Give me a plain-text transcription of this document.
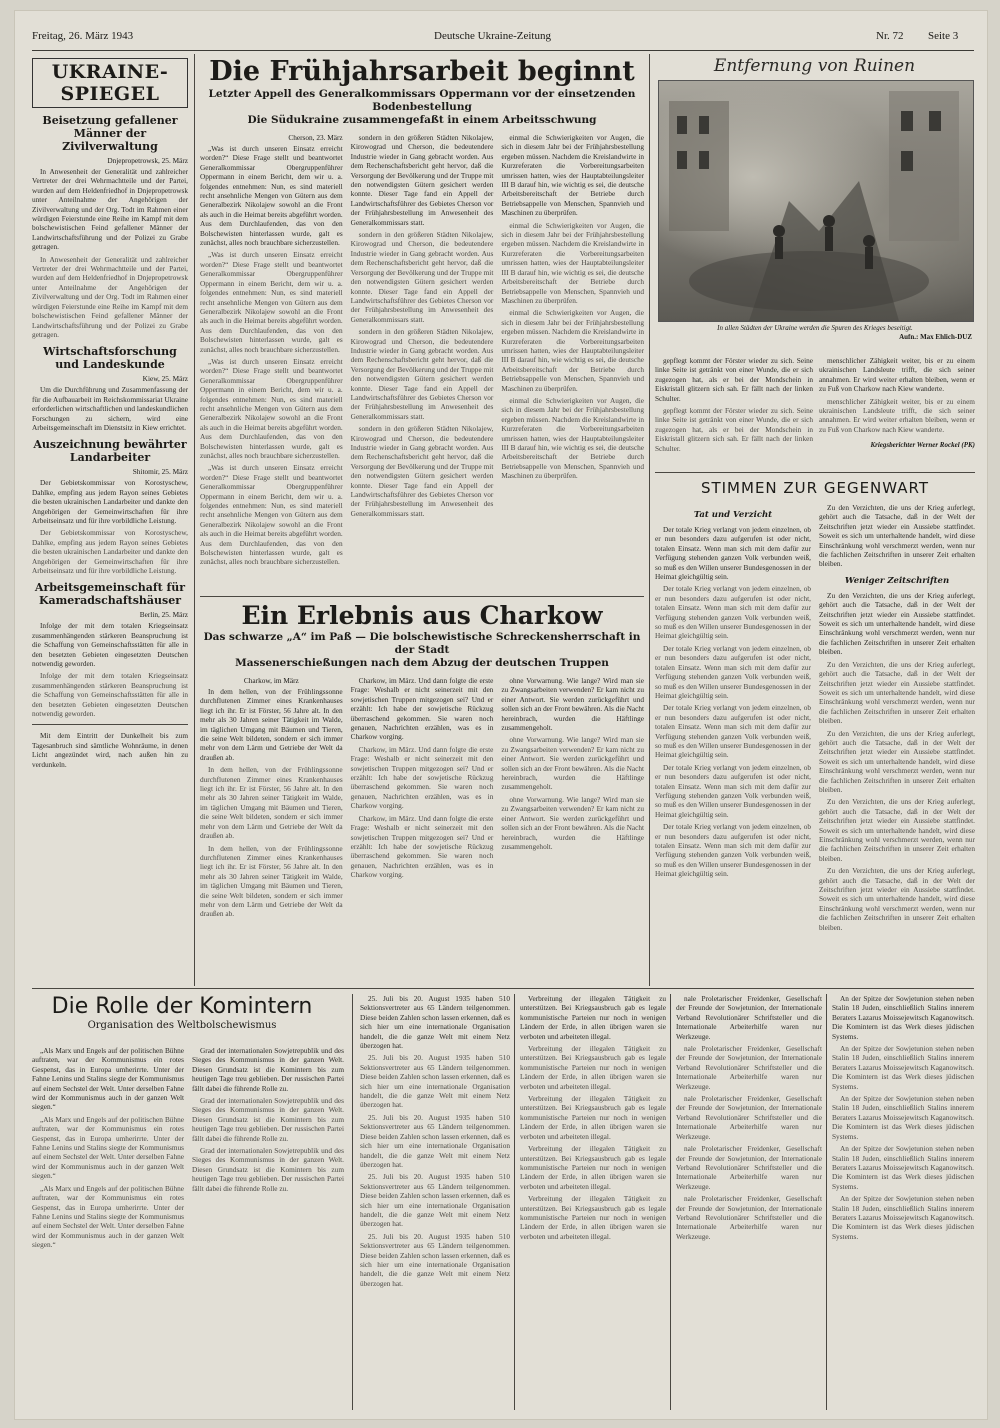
Freitag, 26. März 1943	Deutsche Ukraine-Zeitung	Nr. 72 Seite 3
UKRAINE-SPIEGEL
Beisetzung gefallener Männer der Zivilverwaltung

Dnjepropetrowsk, 25. März

In Anwesenheit der Generalität und zahlreicher Vertreter der drei Wehrmachtteile und der Partei, wurden auf dem Heldenfriedhof in Dnjepropetrowsk unter Anteilnahme der Angehörigen der Zivilverwaltung und der Org. Todt im Rahmen einer würdigen Feierstunde eine Reihe im Kampf mit dem bolschewistischen Feind gefallener Männer der Landwirtschaftsführung und der Polizei zu Grabe getragen.

In Anwesenheit der Generalität und zahlreicher Vertreter der drei Wehrmachtteile und der Partei, wurden auf dem Heldenfriedhof in Dnjepropetrowsk unter Anteilnahme der Angehörigen der Zivilverwaltung und der Org. Todt im Rahmen einer würdigen Feierstunde eine Reihe im Kampf mit dem bolschewistischen Feind gefallener Männer der Landwirtschaftsführung und der Polizei zu Grabe getragen.

Wirtschaftsforschung und Landeskunde

Kiew, 25. März

Um die Durchführung und Zusammenfassung der für die Aufbauarbeit im Reichskommissariat Ukraine erforderlichen wirtschaftlichen und landeskundlichen Forschungen zu sichern, wird eine Arbeitsgemeinschaft im Dienstsitz in Kiew errichtet.

Auszeichnung bewährter Landarbeiter

Shitomir, 25. März

Der Gebietskommissar von Korostyschew, Dahlke, empfing aus jedem Rayon seines Gebietes die besten ukrainischen Landarbeiter und dankte den Angehörigen der Gemeinwirtschaften für ihre Arbeitseinsatz und für ihre vorbildliche Leistung.

Der Gebietskommissar von Korostyschew, Dahlke, empfing aus jedem Rayon seines Gebietes die besten ukrainischen Landarbeiter und dankte den Angehörigen der Gemeinwirtschaften für ihre Arbeitseinsatz und für ihre vorbildliche Leistung.

Arbeitsgemeinschaft für Kameradschaftshäuser

Berlin, 25. März

Infolge der mit dem totalen Kriegseinsatz zusammenhängenden stärkeren Beanspruchung ist die Schaffung von Gemeinschaftsstätten für alle in den besetzten Gebieten eingesetzten Deutschen notwendig geworden.

Infolge der mit dem totalen Kriegseinsatz zusammenhängenden stärkeren Beanspruchung ist die Schaffung von Gemeinschaftsstätten für alle in den besetzten Gebieten eingesetzten Deutschen notwendig geworden.

Mit dem Eintritt der Dunkelheit bis zum Tagesanbruch sind sämtliche Wohnräume, in denen Licht angezündet wird, nach außen hin zu verdunkeln.

Die Frühjahrsarbeit beginnt

Letzter Appell des Generalkommissars Oppermann vor der einsetzenden Bodenbestellung

Die Südukraine zusammengefaßt in einem Arbeitsschwung

Cherson, 23. März

„Was ist durch unseren Einsatz erreicht worden?“ Diese Frage stellt und beantwortet Generalkommissar Obergruppenführer Oppermann in einem Bericht, dem wir u. a. folgendes entnehmen: Nun, es sind materiell recht ansehnliche Mengen von Gütern aus dem Generalbezirk Nikolajew sowohl an die Front als auch in die Heimat bereits abgeführt worden. Aus dem Durchlaufenden, das von den Bolschewisten hinterlassen wurde, galt es zunächst, alles noch brauchbare sicherzustellen.

„Was ist durch unseren Einsatz erreicht worden?“ Diese Frage stellt und beantwortet Generalkommissar Obergruppenführer Oppermann in einem Bericht, dem wir u. a. folgendes entnehmen: Nun, es sind materiell recht ansehnliche Mengen von Gütern aus dem Generalbezirk Nikolajew sowohl an die Front als auch in die Heimat bereits abgeführt worden. Aus dem Durchlaufenden, das von den Bolschewisten hinterlassen wurde, galt es zunächst, alles noch brauchbare sicherzustellen.

„Was ist durch unseren Einsatz erreicht worden?“ Diese Frage stellt und beantwortet Generalkommissar Obergruppenführer Oppermann in einem Bericht, dem wir u. a. folgendes entnehmen: Nun, es sind materiell recht ansehnliche Mengen von Gütern aus dem Generalbezirk Nikolajew sowohl an die Front als auch in die Heimat bereits abgeführt worden. Aus dem Durchlaufenden, das von den Bolschewisten hinterlassen wurde, galt es zunächst, alles noch brauchbare sicherzustellen.

„Was ist durch unseren Einsatz erreicht worden?“ Diese Frage stellt und beantwortet Generalkommissar Obergruppenführer Oppermann in einem Bericht, dem wir u. a. folgendes entnehmen: Nun, es sind materiell recht ansehnliche Mengen von Gütern aus dem Generalbezirk Nikolajew sowohl an die Front als auch in die Heimat bereits abgeführt worden. Aus dem Durchlaufenden, das von den Bolschewisten hinterlassen wurde, galt es zunächst, alles noch brauchbare sicherzustellen.

sondern in den größeren Städten Nikolajew, Kirowograd und Cherson, die bedeutendere Industrie wieder in Gang gebracht worden. Aus dem Rechenschaftsbericht geht hervor, daß die Versorgung der Bevölkerung und der Truppe mit den notwendigsten Gütern gesichert werden konnte. Dieser Tage fand ein Appell der Landwirtschaftsführer des Gebietes Cherson vor der Frühjahrsbestellung im Anwesenheit des Generalkommissars statt.

sondern in den größeren Städten Nikolajew, Kirowograd und Cherson, die bedeutendere Industrie wieder in Gang gebracht worden. Aus dem Rechenschaftsbericht geht hervor, daß die Versorgung der Bevölkerung und der Truppe mit den notwendigsten Gütern gesichert werden konnte. Dieser Tage fand ein Appell der Landwirtschaftsführer des Gebietes Cherson vor der Frühjahrsbestellung im Anwesenheit des Generalkommissars statt.

sondern in den größeren Städten Nikolajew, Kirowograd und Cherson, die bedeutendere Industrie wieder in Gang gebracht worden. Aus dem Rechenschaftsbericht geht hervor, daß die Versorgung der Bevölkerung und der Truppe mit den notwendigsten Gütern gesichert werden konnte. Dieser Tage fand ein Appell der Landwirtschaftsführer des Gebietes Cherson vor der Frühjahrsbestellung im Anwesenheit des Generalkommissars statt.

sondern in den größeren Städten Nikolajew, Kirowograd und Cherson, die bedeutendere Industrie wieder in Gang gebracht worden. Aus dem Rechenschaftsbericht geht hervor, daß die Versorgung der Bevölkerung und der Truppe mit den notwendigsten Gütern gesichert werden konnte. Dieser Tage fand ein Appell der Landwirtschaftsführer des Gebietes Cherson vor der Frühjahrsbestellung im Anwesenheit des Generalkommissars statt.

einmal die Schwierigkeiten vor Augen, die sich in diesem Jahr bei der Frühjahrsbestellung ergeben müssen. Nachdem die Kreislandwirte in Kurzreferaten die Vorbereitungsarbeiten umrissen hatten, wies der Hauptabteilungsleiter III B darauf hin, wie wichtig es sei, die deutsche Arbeitsbereitschaft der Betriebe durch Betriebsappelle von Menschen, Spannvieh und Maschinen zu überprüfen.

einmal die Schwierigkeiten vor Augen, die sich in diesem Jahr bei der Frühjahrsbestellung ergeben müssen. Nachdem die Kreislandwirte in Kurzreferaten die Vorbereitungsarbeiten umrissen hatten, wies der Hauptabteilungsleiter III B darauf hin, wie wichtig es sei, die deutsche Arbeitsbereitschaft der Betriebe durch Betriebsappelle von Menschen, Spannvieh und Maschinen zu überprüfen.

einmal die Schwierigkeiten vor Augen, die sich in diesem Jahr bei der Frühjahrsbestellung ergeben müssen. Nachdem die Kreislandwirte in Kurzreferaten die Vorbereitungsarbeiten umrissen hatten, wies der Hauptabteilungsleiter III B darauf hin, wie wichtig es sei, die deutsche Arbeitsbereitschaft der Betriebe durch Betriebsappelle von Menschen, Spannvieh und Maschinen zu überprüfen.

einmal die Schwierigkeiten vor Augen, die sich in diesem Jahr bei der Frühjahrsbestellung ergeben müssen. Nachdem die Kreislandwirte in Kurzreferaten die Vorbereitungsarbeiten umrissen hatten, wies der Hauptabteilungsleiter III B darauf hin, wie wichtig es sei, die deutsche Arbeitsbereitschaft der Betriebe durch Betriebsappelle von Menschen, Spannvieh und Maschinen zu überprüfen.

Ein Erlebnis aus Charkow

Das schwarze „A“ im Paß — Die bolschewistische Schreckensherrschaft in der Stadt

Massenerschießungen nach dem Abzug der deutschen Truppen

Charkow, im März

In dem hellen, von der Frühlingssonne durchflutenen Zimmer eines Krankenhauses liegt ich ihr. Er ist Förster, 56 Jahre alt. In den mehr als 30 Jahren seiner Tätigkeit im Walde, im täglichen Umgang mit Bäumen und Tieren, die seine Welt bildeten, sondern er sich immer mehr von dem Lärm und Getriebe der Welt da draußen ab.

In dem hellen, von der Frühlingssonne durchflutenen Zimmer eines Krankenhauses liegt ich ihr. Er ist Förster, 56 Jahre alt. In den mehr als 30 Jahren seiner Tätigkeit im Walde, im täglichen Umgang mit Bäumen und Tieren, die seine Welt bildeten, sondern er sich immer mehr von dem Lärm und Getriebe der Welt da draußen ab.

In dem hellen, von der Frühlingssonne durchflutenen Zimmer eines Krankenhauses liegt ich ihr. Er ist Förster, 56 Jahre alt. In den mehr als 30 Jahren seiner Tätigkeit im Walde, im täglichen Umgang mit Bäumen und Tieren, die seine Welt bildeten, sondern er sich immer mehr von dem Lärm und Getriebe der Welt da draußen ab.

Charkow, im März. Und dann folgte die erste Frage: Weshalb er nicht seinerzeit mit den sowjetischen Truppen mitgezogen sei? Und er erzählt: Ich habe der sowjetische Rückzug überraschend gekommen. Sie waren noch genauen, Nachrichten erzählen, was es in Charkow vorging.

Charkow, im März. Und dann folgte die erste Frage: Weshalb er nicht seinerzeit mit den sowjetischen Truppen mitgezogen sei? Und er erzählt: Ich habe der sowjetische Rückzug überraschend gekommen. Sie waren noch genauen, Nachrichten erzählen, was es in Charkow vorging.

Charkow, im März. Und dann folgte die erste Frage: Weshalb er nicht seinerzeit mit den sowjetischen Truppen mitgezogen sei? Und er erzählt: Ich habe der sowjetische Rückzug überraschend gekommen. Sie waren noch genauen, Nachrichten erzählen, was es in Charkow vorging.

ohne Vorwarnung. Wie lange? Wird man sie zu Zwangsarbeiten verwenden? Er kam nicht zu einer Antwort. Sie werden zurückgeführt und sollen sich an der Front bewähren. Als die Nacht hereinbrach, wurden die Häftlinge zusammengeholt.

ohne Vorwarnung. Wie lange? Wird man sie zu Zwangsarbeiten verwenden? Er kam nicht zu einer Antwort. Sie werden zurückgeführt und sollen sich an der Front bewähren. Als die Nacht hereinbrach, wurden die Häftlinge zusammengeholt.

ohne Vorwarnung. Wie lange? Wird man sie zu Zwangsarbeiten verwenden? Er kam nicht zu einer Antwort. Sie werden zurückgeführt und sollen sich an der Front bewähren. Als die Nacht hereinbrach, wurden die Häftlinge zusammengeholt.

Entfernung von Ruinen
In allen Städten der Ukraine werden die Spuren des Krieges beseitigt.
Aufn.: Max Ehlich-DUZ

gepflegt kommt der Förster wieder zu sich. Seine linke Seite ist getränkt von einer Wunde, die er sich zugezogen hat, als er bei der Mondschein in Eiskristall glitzern sich sah. Er fällt nach der linken Schulter.

gepflegt kommt der Förster wieder zu sich. Seine linke Seite ist getränkt von einer Wunde, die er sich zugezogen hat, als er bei der Mondschein in Eiskristall glitzern sich sah. Er fällt nach der linken Schulter.

menschlicher Zähigkeit weiter, bis er zu einem ukrainischen Landsleute trifft, die sich seiner annahmen. Er wird weiter erhalten bleiben, wenn er zu Fuß von Charkow nach Kiew wanderte.

menschlicher Zähigkeit weiter, bis er zu einem ukrainischen Landsleute trifft, die sich seiner annahmen. Er wird weiter erhalten bleiben, wenn er zu Fuß von Charkow nach Kiew wanderte.

Kriegsberichter Werner Rockel (PK)

STIMMEN ZUR GEGENWART
Tat und Verzicht

Der totale Krieg verlangt von jedem einzelnen, ob er nun besonders dazu aufgerufen ist oder nicht, totalen Einsatz. Wenn man sich mit dem dafür zur Verfügung stehenden ganzen Volk verbunden weiß, so muß es den Willen unserer Bundesgenossen in der Heimat gleichgültig sein.

Der totale Krieg verlangt von jedem einzelnen, ob er nun besonders dazu aufgerufen ist oder nicht, totalen Einsatz. Wenn man sich mit dem dafür zur Verfügung stehenden ganzen Volk verbunden weiß, so muß es den Willen unserer Bundesgenossen in der Heimat gleichgültig sein.

Der totale Krieg verlangt von jedem einzelnen, ob er nun besonders dazu aufgerufen ist oder nicht, totalen Einsatz. Wenn man sich mit dem dafür zur Verfügung stehenden ganzen Volk verbunden weiß, so muß es den Willen unserer Bundesgenossen in der Heimat gleichgültig sein.

Der totale Krieg verlangt von jedem einzelnen, ob er nun besonders dazu aufgerufen ist oder nicht, totalen Einsatz. Wenn man sich mit dem dafür zur Verfügung stehenden ganzen Volk verbunden weiß, so muß es den Willen unserer Bundesgenossen in der Heimat gleichgültig sein.

Der totale Krieg verlangt von jedem einzelnen, ob er nun besonders dazu aufgerufen ist oder nicht, totalen Einsatz. Wenn man sich mit dem dafür zur Verfügung stehenden ganzen Volk verbunden weiß, so muß es den Willen unserer Bundesgenossen in der Heimat gleichgültig sein.

Der totale Krieg verlangt von jedem einzelnen, ob er nun besonders dazu aufgerufen ist oder nicht, totalen Einsatz. Wenn man sich mit dem dafür zur Verfügung stehenden ganzen Volk verbunden weiß, so muß es den Willen unserer Bundesgenossen in der Heimat gleichgültig sein.

Zu den Verzichten, die uns der Krieg auferlegt, gehört auch die Tatsache, daß in der Welt der Zeitschriften jetzt wieder ein Aussiebe stattfindet. Soweit es sich um unterhaltende handelt, wird diese Einschränkung wohl verschmerzt werden, wenn nur die fachlichen Zeitschriften in unserer Zeit erhalten bleiben.

Weniger Zeitschriften

Zu den Verzichten, die uns der Krieg auferlegt, gehört auch die Tatsache, daß in der Welt der Zeitschriften jetzt wieder ein Aussiebe stattfindet. Soweit es sich um unterhaltende handelt, wird diese Einschränkung wohl verschmerzt werden, wenn nur die fachlichen Zeitschriften in unserer Zeit erhalten bleiben.

Zu den Verzichten, die uns der Krieg auferlegt, gehört auch die Tatsache, daß in der Welt der Zeitschriften jetzt wieder ein Aussiebe stattfindet. Soweit es sich um unterhaltende handelt, wird diese Einschränkung wohl verschmerzt werden, wenn nur die fachlichen Zeitschriften in unserer Zeit erhalten bleiben.

Zu den Verzichten, die uns der Krieg auferlegt, gehört auch die Tatsache, daß in der Welt der Zeitschriften jetzt wieder ein Aussiebe stattfindet. Soweit es sich um unterhaltende handelt, wird diese Einschränkung wohl verschmerzt werden, wenn nur die fachlichen Zeitschriften in unserer Zeit erhalten bleiben.

Zu den Verzichten, die uns der Krieg auferlegt, gehört auch die Tatsache, daß in der Welt der Zeitschriften jetzt wieder ein Aussiebe stattfindet. Soweit es sich um unterhaltende handelt, wird diese Einschränkung wohl verschmerzt werden, wenn nur die fachlichen Zeitschriften in unserer Zeit erhalten bleiben.

Zu den Verzichten, die uns der Krieg auferlegt, gehört auch die Tatsache, daß in der Welt der Zeitschriften jetzt wieder ein Aussiebe stattfindet. Soweit es sich um unterhaltende handelt, wird diese Einschränkung wohl verschmerzt werden, wenn nur die fachlichen Zeitschriften in unserer Zeit erhalten bleiben.

Die Rolle der Komintern
Organisation des Weltbolschewismus

„Als Marx und Engels auf der politischen Bühne auftraten, war der Kommunismus ein rotes Gespenst, das in Europa umherirrte. Unter der Fahne Lenins und Stalins siegte der Kommunismus auf einem Sechstel der Welt. Unter derselben Fahne wird der Kommunismus auch in der ganzen Welt siegen.“

„Als Marx und Engels auf der politischen Bühne auftraten, war der Kommunismus ein rotes Gespenst, das in Europa umherirrte. Unter der Fahne Lenins und Stalins siegte der Kommunismus auf einem Sechstel der Welt. Unter derselben Fahne wird der Kommunismus auch in der ganzen Welt siegen.“

„Als Marx und Engels auf der politischen Bühne auftraten, war der Kommunismus ein rotes Gespenst, das in Europa umherirrte. Unter der Fahne Lenins und Stalins siegte der Kommunismus auf einem Sechstel der Welt. Unter derselben Fahne wird der Kommunismus auch in der ganzen Welt siegen.“

Grad der internationalen Sowjetrepublik und des Sieges des Kommunismus in der ganzen Welt. Diesen Grundsatz ist die Komintern bis zum heutigen Tage treu geblieben. Der russischen Partei fällt dabei die führende Rolle zu.

Grad der internationalen Sowjetrepublik und des Sieges des Kommunismus in der ganzen Welt. Diesen Grundsatz ist die Komintern bis zum heutigen Tage treu geblieben. Der russischen Partei fällt dabei die führende Rolle zu.

Grad der internationalen Sowjetrepublik und des Sieges des Kommunismus in der ganzen Welt. Diesen Grundsatz ist die Komintern bis zum heutigen Tage treu geblieben. Der russischen Partei fällt dabei die führende Rolle zu.

25. Juli bis 20. August 1935 haben 510 Sektionsvertreter aus 65 Ländern teilgenommen. Diese beiden Zahlen schon lassen erkennen, daß es sich hier um eine internationale Organisation handelt, die die ganze Welt mit einem Netz überzogen hat.

25. Juli bis 20. August 1935 haben 510 Sektionsvertreter aus 65 Ländern teilgenommen. Diese beiden Zahlen schon lassen erkennen, daß es sich hier um eine internationale Organisation handelt, die die ganze Welt mit einem Netz überzogen hat.

25. Juli bis 20. August 1935 haben 510 Sektionsvertreter aus 65 Ländern teilgenommen. Diese beiden Zahlen schon lassen erkennen, daß es sich hier um eine internationale Organisation handelt, die die ganze Welt mit einem Netz überzogen hat.

25. Juli bis 20. August 1935 haben 510 Sektionsvertreter aus 65 Ländern teilgenommen. Diese beiden Zahlen schon lassen erkennen, daß es sich hier um eine internationale Organisation handelt, die die ganze Welt mit einem Netz überzogen hat.

25. Juli bis 20. August 1935 haben 510 Sektionsvertreter aus 65 Ländern teilgenommen. Diese beiden Zahlen schon lassen erkennen, daß es sich hier um eine internationale Organisation handelt, die die ganze Welt mit einem Netz überzogen hat.

Verbreitung der illegalen Tätigkeit zu unterstützen. Bei Kriegsausbruch gab es legale kommunistische Parteien nur noch in wenigen Ländern der Erde, in allen übrigen waren sie verboten und arbeiteten illegal.

Verbreitung der illegalen Tätigkeit zu unterstützen. Bei Kriegsausbruch gab es legale kommunistische Parteien nur noch in wenigen Ländern der Erde, in allen übrigen waren sie verboten und arbeiteten illegal.

Verbreitung der illegalen Tätigkeit zu unterstützen. Bei Kriegsausbruch gab es legale kommunistische Parteien nur noch in wenigen Ländern der Erde, in allen übrigen waren sie verboten und arbeiteten illegal.

Verbreitung der illegalen Tätigkeit zu unterstützen. Bei Kriegsausbruch gab es legale kommunistische Parteien nur noch in wenigen Ländern der Erde, in allen übrigen waren sie verboten und arbeiteten illegal.

Verbreitung der illegalen Tätigkeit zu unterstützen. Bei Kriegsausbruch gab es legale kommunistische Parteien nur noch in wenigen Ländern der Erde, in allen übrigen waren sie verboten und arbeiteten illegal.

nale Proletarischer Freidenker, Gesellschaft der Freunde der Sowjetunion, der Internationale Verband Revolutionärer Schriftsteller und die Internationale Arbeiterhilfe waren nur Werkzeuge.

nale Proletarischer Freidenker, Gesellschaft der Freunde der Sowjetunion, der Internationale Verband Revolutionärer Schriftsteller und die Internationale Arbeiterhilfe waren nur Werkzeuge.

nale Proletarischer Freidenker, Gesellschaft der Freunde der Sowjetunion, der Internationale Verband Revolutionärer Schriftsteller und die Internationale Arbeiterhilfe waren nur Werkzeuge.

nale Proletarischer Freidenker, Gesellschaft der Freunde der Sowjetunion, der Internationale Verband Revolutionärer Schriftsteller und die Internationale Arbeiterhilfe waren nur Werkzeuge.

nale Proletarischer Freidenker, Gesellschaft der Freunde der Sowjetunion, der Internationale Verband Revolutionärer Schriftsteller und die Internationale Arbeiterhilfe waren nur Werkzeuge.

An der Spitze der Sowjetunion stehen neben Stalin 18 Juden, einschließlich Stalins innerem Beraters Lazarus Moissejewitsch Kaganowitsch. Die Komintern ist das Werk dieses jüdischen Systems.

An der Spitze der Sowjetunion stehen neben Stalin 18 Juden, einschließlich Stalins innerem Beraters Lazarus Moissejewitsch Kaganowitsch. Die Komintern ist das Werk dieses jüdischen Systems.

An der Spitze der Sowjetunion stehen neben Stalin 18 Juden, einschließlich Stalins innerem Beraters Lazarus Moissejewitsch Kaganowitsch. Die Komintern ist das Werk dieses jüdischen Systems.

An der Spitze der Sowjetunion stehen neben Stalin 18 Juden, einschließlich Stalins innerem Beraters Lazarus Moissejewitsch Kaganowitsch. Die Komintern ist das Werk dieses jüdischen Systems.

An der Spitze der Sowjetunion stehen neben Stalin 18 Juden, einschließlich Stalins innerem Beraters Lazarus Moissejewitsch Kaganowitsch. Die Komintern ist das Werk dieses jüdischen Systems.
